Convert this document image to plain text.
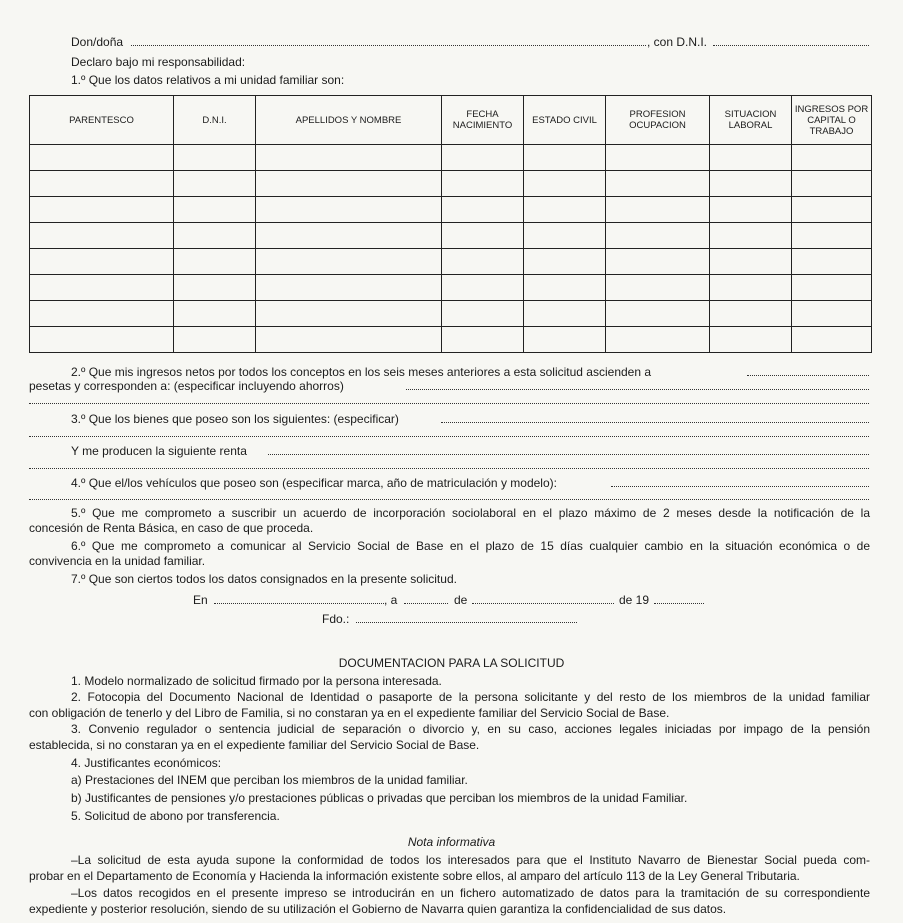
Don/doña	, con D.N.I.
Declaro bajo mi responsabilidad:
1.º Que los datos relativos a mi unidad familiar son:
PARENTESCO	D.N.I.	APELLIDOS Y NOMBRE	FECHA NACIMIENTO	ESTADO CIVIL	PROFESION OCUPACION	SITUACION LABORAL	INGRESOS POR CAPITAL O TRABAJO

2.º Que mis ingresos netos por todos los conceptos en los seis meses anteriores a esta solicitud ascienden a
pesetas y corresponden a: (especificar incluyendo ahorros)
3.º Que los bienes que poseo son los siguientes: (especificar)
Y me producen la siguiente renta
4.º Que el/los vehículos que poseo son (especificar marca, año de matriculación y modelo):
5.º Que me comprometo a suscribir un acuerdo de incorporación sociolaboral en el plazo máximo de 2 meses desde la notificación de la
concesión de Renta Básica, en caso de que proceda.
6.º Que me comprometo a comunicar al Servicio Social de Base en el plazo de 15 días cualquier cambio en la situación económica o de
convivencia en la unidad familiar.
7.º Que son ciertos todos los datos consignados en la presente solicitud.
En	, a	de	de 19
Fdo.:
DOCUMENTACION PARA LA SOLICITUD
1. Modelo normalizado de solicitud firmado por la persona interesada.
2. Fotocopia del Documento Nacional de Identidad o pasaporte de la persona solicitante y del resto de los miembros de la unidad familiar
con obligación de tenerlo y del Libro de Familia, si no constaran ya en el expediente familiar del Servicio Social de Base.
3. Convenio regulador o sentencia judicial de separación o divorcio y, en su caso, acciones legales iniciadas por impago de la pensión
establecida, si no constaran ya en el expediente familiar del Servicio Social de Base.
4. Justificantes económicos:
a) Prestaciones del INEM que perciban los miembros de la unidad familiar.
b) Justificantes de pensiones y/o prestaciones públicas o privadas que perciban los miembros de la unidad Familiar.
5. Solicitud de abono por transferencia.
Nota informativa
–La solicitud de esta ayuda supone la conformidad de todos los interesados para que el Instituto Navarro de Bienestar Social pueda com-
probar en el Departamento de Economía y Hacienda la información existente sobre ellos, al amparo del artículo 113 de la Ley General Tributaria.
–Los datos recogidos en el presente impreso se introducirán en un fichero automatizado de datos para la tramitación de su correspondiente
expediente y posterior resolución, siendo de su utilización el Gobierno de Navarra quien garantiza la confidencialidad de sus datos.
